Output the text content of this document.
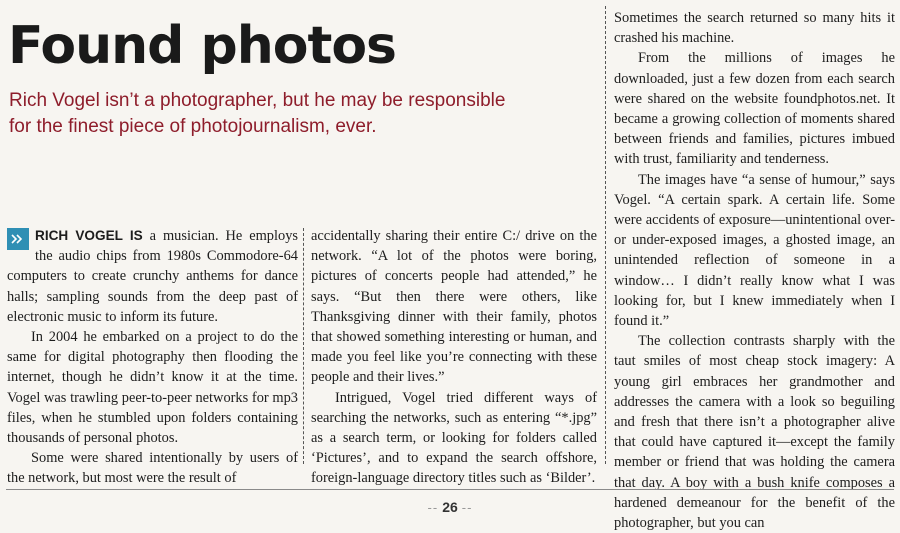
Found photos

Rich Vogel isn’t a photographer, but he may be responsible for the finest piece of photojournalism, ever.

RICH VOGEL IS a musician. He employs the audio chips from 1980s Commodore-64 computers to create crunchy anthems for dance halls; sampling sounds from the deep past of electronic music to inform its future.

In 2004 he embarked on a project to do the same for digital photography then flooding the internet, though he didn’t know it at the time. Vogel was trawling peer-to-peer networks for mp3 files, when he stumbled upon folders containing thousands of personal photos.

Some were shared intentionally by users of the network, but most were the result of

accidentally sharing their entire C:/ drive on the network. “A lot of the photos were boring, pictures of concerts people had attended,” he says. “But then there were others, like Thanksgiving dinner with their family, photos that showed something interesting or human, and made you feel like you’re connecting with these people and their lives.”

Intrigued, Vogel tried different ways of searching the networks, such as entering “*.jpg” as a search term, or looking for folders called ‘Pictures’, and to expand the search offshore, foreign-language directory titles such as ‘Bilder’.

Sometimes the search returned so many hits it crashed his machine.

From the millions of images he downloaded, just a few dozen from each search were shared on the website foundphotos.net. It became a growing collection of moments shared between friends and families, pictures imbued with trust, familiarity and tenderness.

The images have “a sense of humour,” says Vogel. “A certain spark. A certain life. Some were accidents of exposure—unintentional over- or under-exposed images, a ghosted image, an unintended reflection of someone in a window… I didn’t really know what I was looking for, but I knew immediately when I found it.”

The collection contrasts sharply with the taut smiles of most cheap stock imagery: A young girl embraces her grandmother and addresses the camera with a look so beguiling and fresh that there isn’t a photographer alive that could have captured it—except the family member or friend that was holding the camera that day. A boy with a bush knife composes a hardened demeanour for the benefit of the photographer, but you can

-- 26 --
